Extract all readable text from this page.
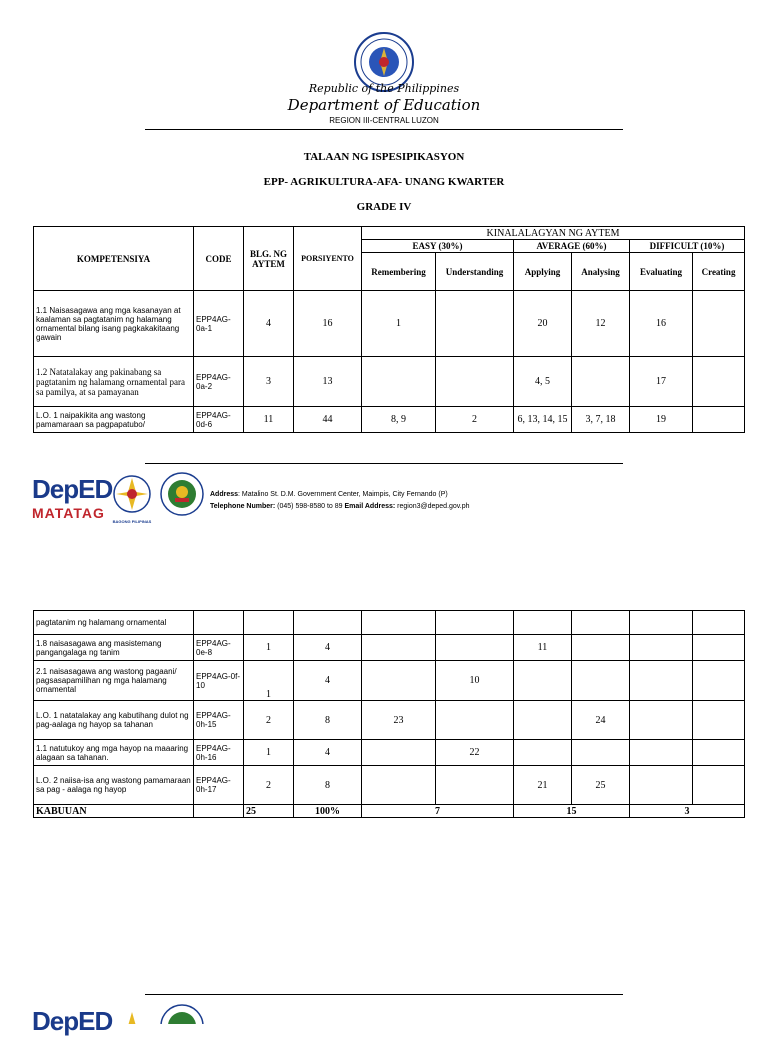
Republic of the Philippines
Department of Education
REGION III-CENTRAL LUZON
TALAAN NG ISPESIPIKASYON
EPP- AGRIKULTURA-AFA- UNANG KWARTER
GRADE IV
KOMPETENSIYA	CODE	BLG. NG AYTEM	PORSIYENTO	KINALALAGYAN NG AYTEM					
				EASY (30%)		AVERAGE (60%)		DIFFICULT (10%)	
				Remembering	Understanding	Applying	Analysing	Evaluating	Creating
1.1 Naisasagawa ang mga kasanayan at kaalaman sa pagtatanim ng halamang ornamental bilang isang pagkakakitaang gawain	EPP4AG-0a-1	4	16	1		20	12	16	
1.2 Natatalakay ang pakinabang sa pagtatanim ng halamang ornamental para sa pamilya, at sa pamayanan	EPP4AG-0a-2	3	13			4, 5		17	
L.O. 1 naipakikita ang wastong pamamaraan sa pagpapatubo/	EPP4AG-0d-6	11	44	8, 9	2	6, 13, 14, 15	3, 7, 18	19	
DepED
MATATAG
BAGONG PILIPINAS
Address: Matalino St. D.M. Government Center, Maimpis, City Fernando (P)
Telephone Number: (045) 598-8580 to 89 Email Address: region3@deped.gov.ph
pagtatanim ng halamang ornamental									
1.8 naisasagawa ang masistemang pangangalaga ng tanim	EPP4AG-0e-8	1	4			11			
2.1 naisasagawa ang wastong pagaani/ pagsasapamilihan ng mga halamang ornamental	EPP4AG-0f-10	1	4		10				
L.O. 1 natatalakay ang kabutihang dulot ng pag-aalaga ng hayop sa tahanan	EPP4AG-0h-15	2	8	23			24		
1.1 natutukoy ang mga hayop na maaaring alagaan sa tahanan.	EPP4AG-0h-16	1	4		22				
L.O. 2 naiisa-isa ang wastong pamamaraan sa pag - aalaga ng hayop	EPP4AG-0h-17	2	8			21	25		
KABUUAN		25	100%	7		15		3	
DepED
